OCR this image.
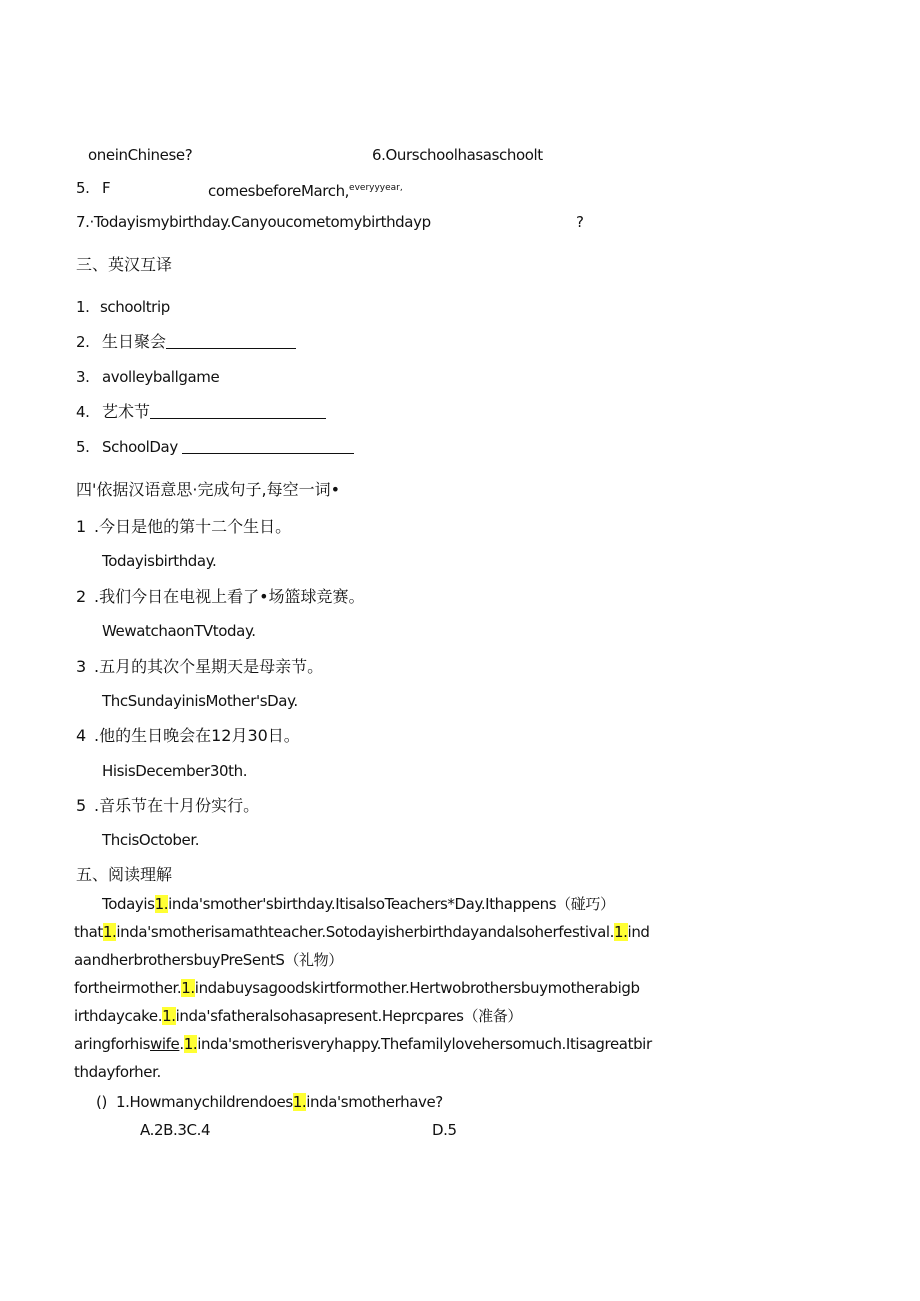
oneinChinese?	6.Ourschoolhasaschoolt
5. F	comesbeforeMarch,$^{everyyyear,}$
7.·Todayismybirthday.Canyoucometomybirthdayp	?
三、英汉互译
1. schooltrip
2. 生日聚会
3. avolleyballgame
4. 艺术节
5. SchoolDay
四'依据汉语意思·完成句子,每空一词•
1 .今日是他的第十二个生日。
Todayisbirthday.
2 .我们今日在电视上看了•场篮球竞赛。
WewatchaonTVtoday.
3 .五月的其次个星期天是母亲节。
ThcSundayinisMother'sDay.
4 .他的生日晚会在12月30日。
HisisDecember30th.
5 .音乐节在十月份实行。
ThcisOctober.
五、阅读理解
Todayis1.inda'smother'sbirthday.ItisalsoTeachers*Day.Ithappens（碰巧）
that1.inda'smotherisamathteacher.Sotodayisherbirthdayandalsoherfestival.1.ind
aandherbrothersbuyPreSentS（礼物）
fortheirmother.1.indabuysagoodskirtformother.Hertwobrothersbuymotherabigb
irthdaycake.1.inda'sfatheralsohasapresent.Heprcpares（准备）
aringforhiswife.1.inda'smotherisveryhappy.Thefamilylovehersomuch.Itisagreatbir
thdayforher.
() 1.Howmanychildrendoes1.inda'smotherhave?
A.2B.3C.4	D.5
